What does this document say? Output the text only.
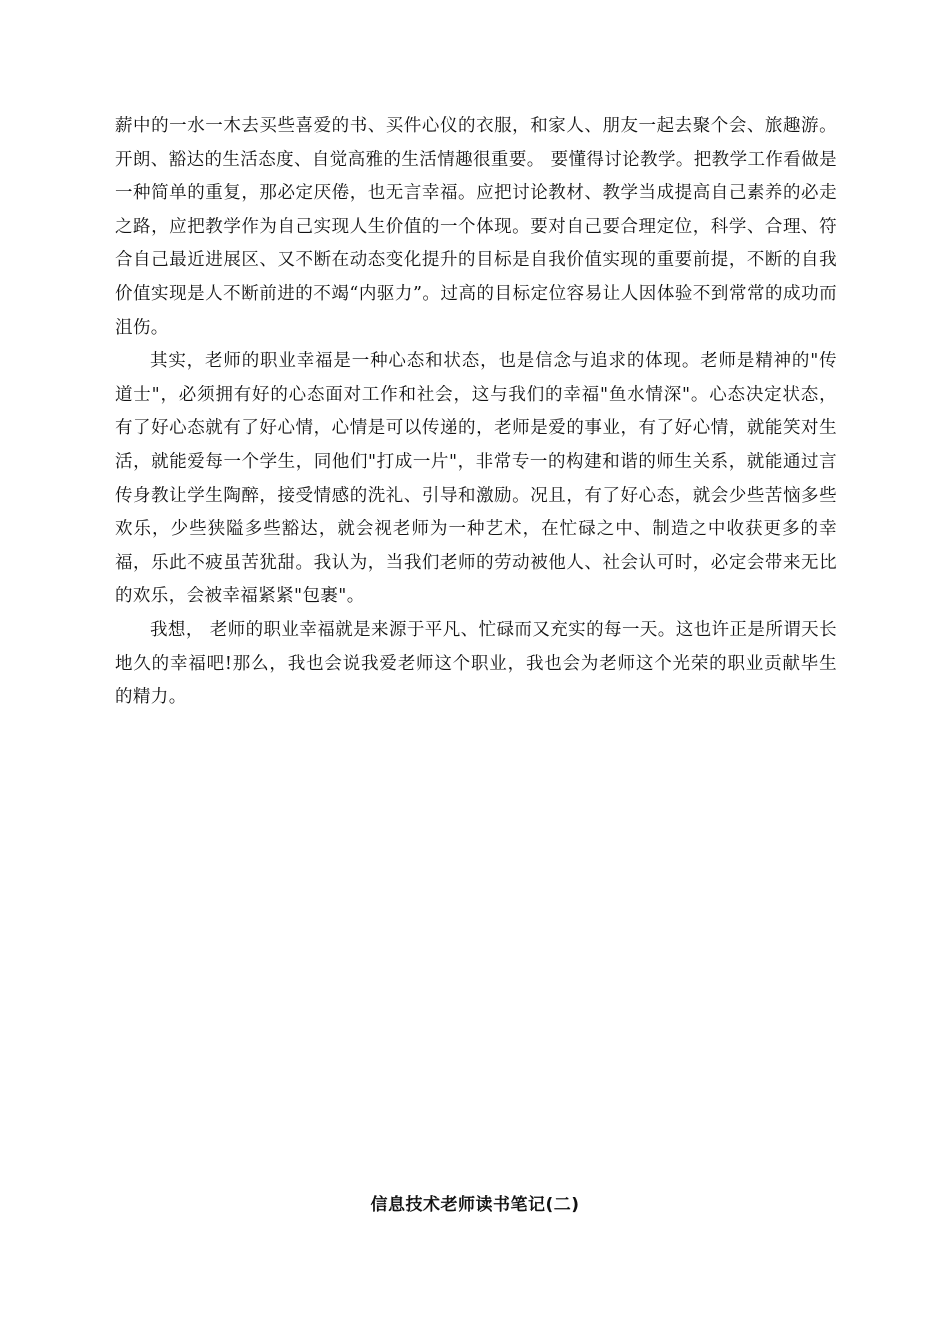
薪中的一水一木去买些喜爱的书、买件心仪的衣服，和家人、朋友一起去聚个会、旅趣游。开朗、豁达的生活态度、自觉高雅的生活情趣很重要。 要懂得讨论教学。把教学工作看做是一种简单的重复，那必定厌倦，也无言幸福。应把讨论教材、教学当成提高自己素养的必走之路，应把教学作为自己实现人生价值的一个体现。要对自己要合理定位，科学、合理、符合自己最近进展区、又不断在动态变化提升的目标是自我价值实现的重要前提，不断的自我价值实现是人不断前进的不竭“内驱力”。过高的目标定位容易让人因体验不到常常的成功而沮伤。

其实，老师的职业幸福是一种心态和状态，也是信念与追求的体现。老师是精神的"传道士"，必须拥有好的心态面对工作和社会，这与我们的幸福"鱼水情深"。心态决定状态，有了好心态就有了好心情，心情是可以传递的，老师是爱的事业，有了好心情，就能笑对生活，就能爱每一个学生，同他们"打成一片"，非常专一的构建和谐的师生关系，就能通过言传身教让学生陶醉，接受情感的洗礼、引导和激励。况且，有了好心态，就会少些苦恼多些欢乐，少些狭隘多些豁达，就会视老师为一种艺术，在忙碌之中、制造之中收获更多的幸福，乐此不疲虽苦犹甜。我认为，当我们老师的劳动被他人、社会认可时，必定会带来无比的欢乐，会被幸福紧紧"包裹"。

我想， 老师的职业幸福就是来源于平凡、忙碌而又充实的每一天。这也许正是所谓天长地久的幸福吧!那么，我也会说我爱老师这个职业，我也会为老师这个光荣的职业贡献毕生的精力。

信息技术老师读书笔记(二)
